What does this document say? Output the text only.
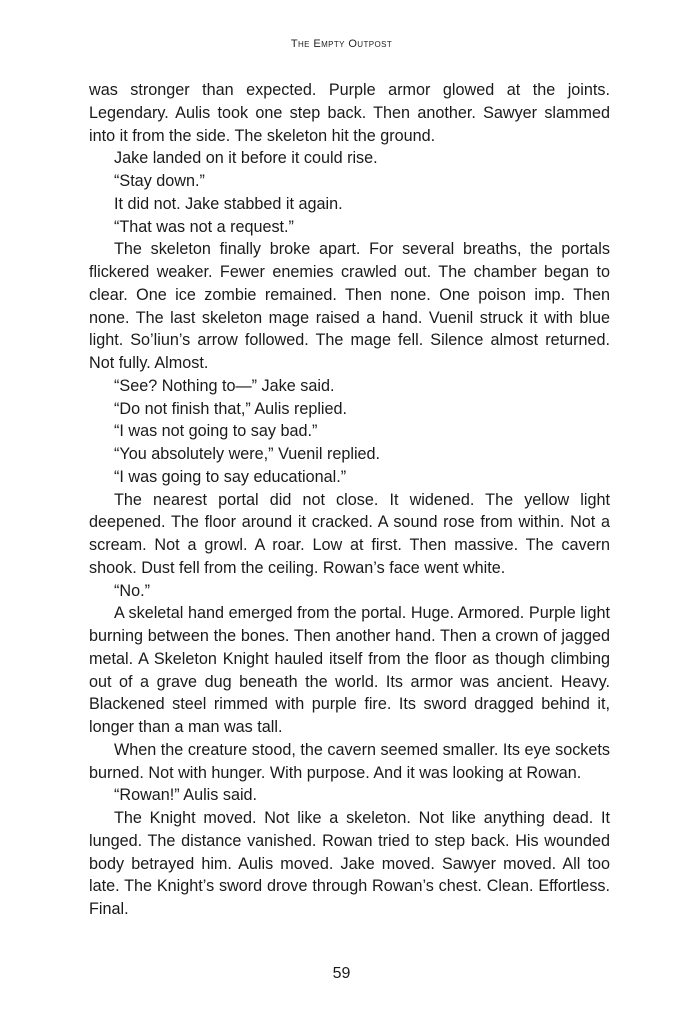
The Empty Outpost

was stronger than expected. Purple armor glowed at the joints. Legendary. Aulis took one step back. Then another. Sawyer slammed into it from the side. The skeleton hit the ground.

Jake landed on it before it could rise.

“Stay down.”

It did not. Jake stabbed it again.

“That was not a request.”

The skeleton finally broke apart. For several breaths, the portals flickered weaker. Fewer enemies crawled out. The chamber began to clear. One ice zombie remained. Then none. One poison imp. Then none. The last skeleton mage raised a hand. Vuenil struck it with blue light. So’liun’s arrow followed. The mage fell. Silence almost returned. Not fully. Almost.

“See? Nothing to—” Jake said.

“Do not finish that,” Aulis replied.

“I was not going to say bad.”

“You absolutely were,” Vuenil replied.

“I was going to say educational.”

The nearest portal did not close. It widened. The yellow light deepened. The floor around it cracked. A sound rose from within. Not a scream. Not a growl. A roar. Low at first. Then massive. The cavern shook. Dust fell from the ceiling. Rowan’s face went white.

“No.”

A skeletal hand emerged from the portal. Huge. Armored. Purple light burning between the bones. Then another hand. Then a crown of jagged metal. A Skeleton Knight hauled itself from the floor as though climbing out of a grave dug beneath the world. Its armor was ancient. Heavy. Blackened steel rimmed with purple fire. Its sword dragged behind it, longer than a man was tall.

When the creature stood, the cavern seemed smaller. Its eye sockets burned. Not with hunger. With purpose. And it was looking at Rowan.

“Rowan!” Aulis said.

The Knight moved. Not like a skeleton. Not like anything dead. It lunged. The distance vanished. Rowan tried to step back. His wounded body betrayed him. Aulis moved. Jake moved. Sawyer moved. All too late. The Knight’s sword drove through Rowan’s chest. Clean. Effortless. Final.

59
